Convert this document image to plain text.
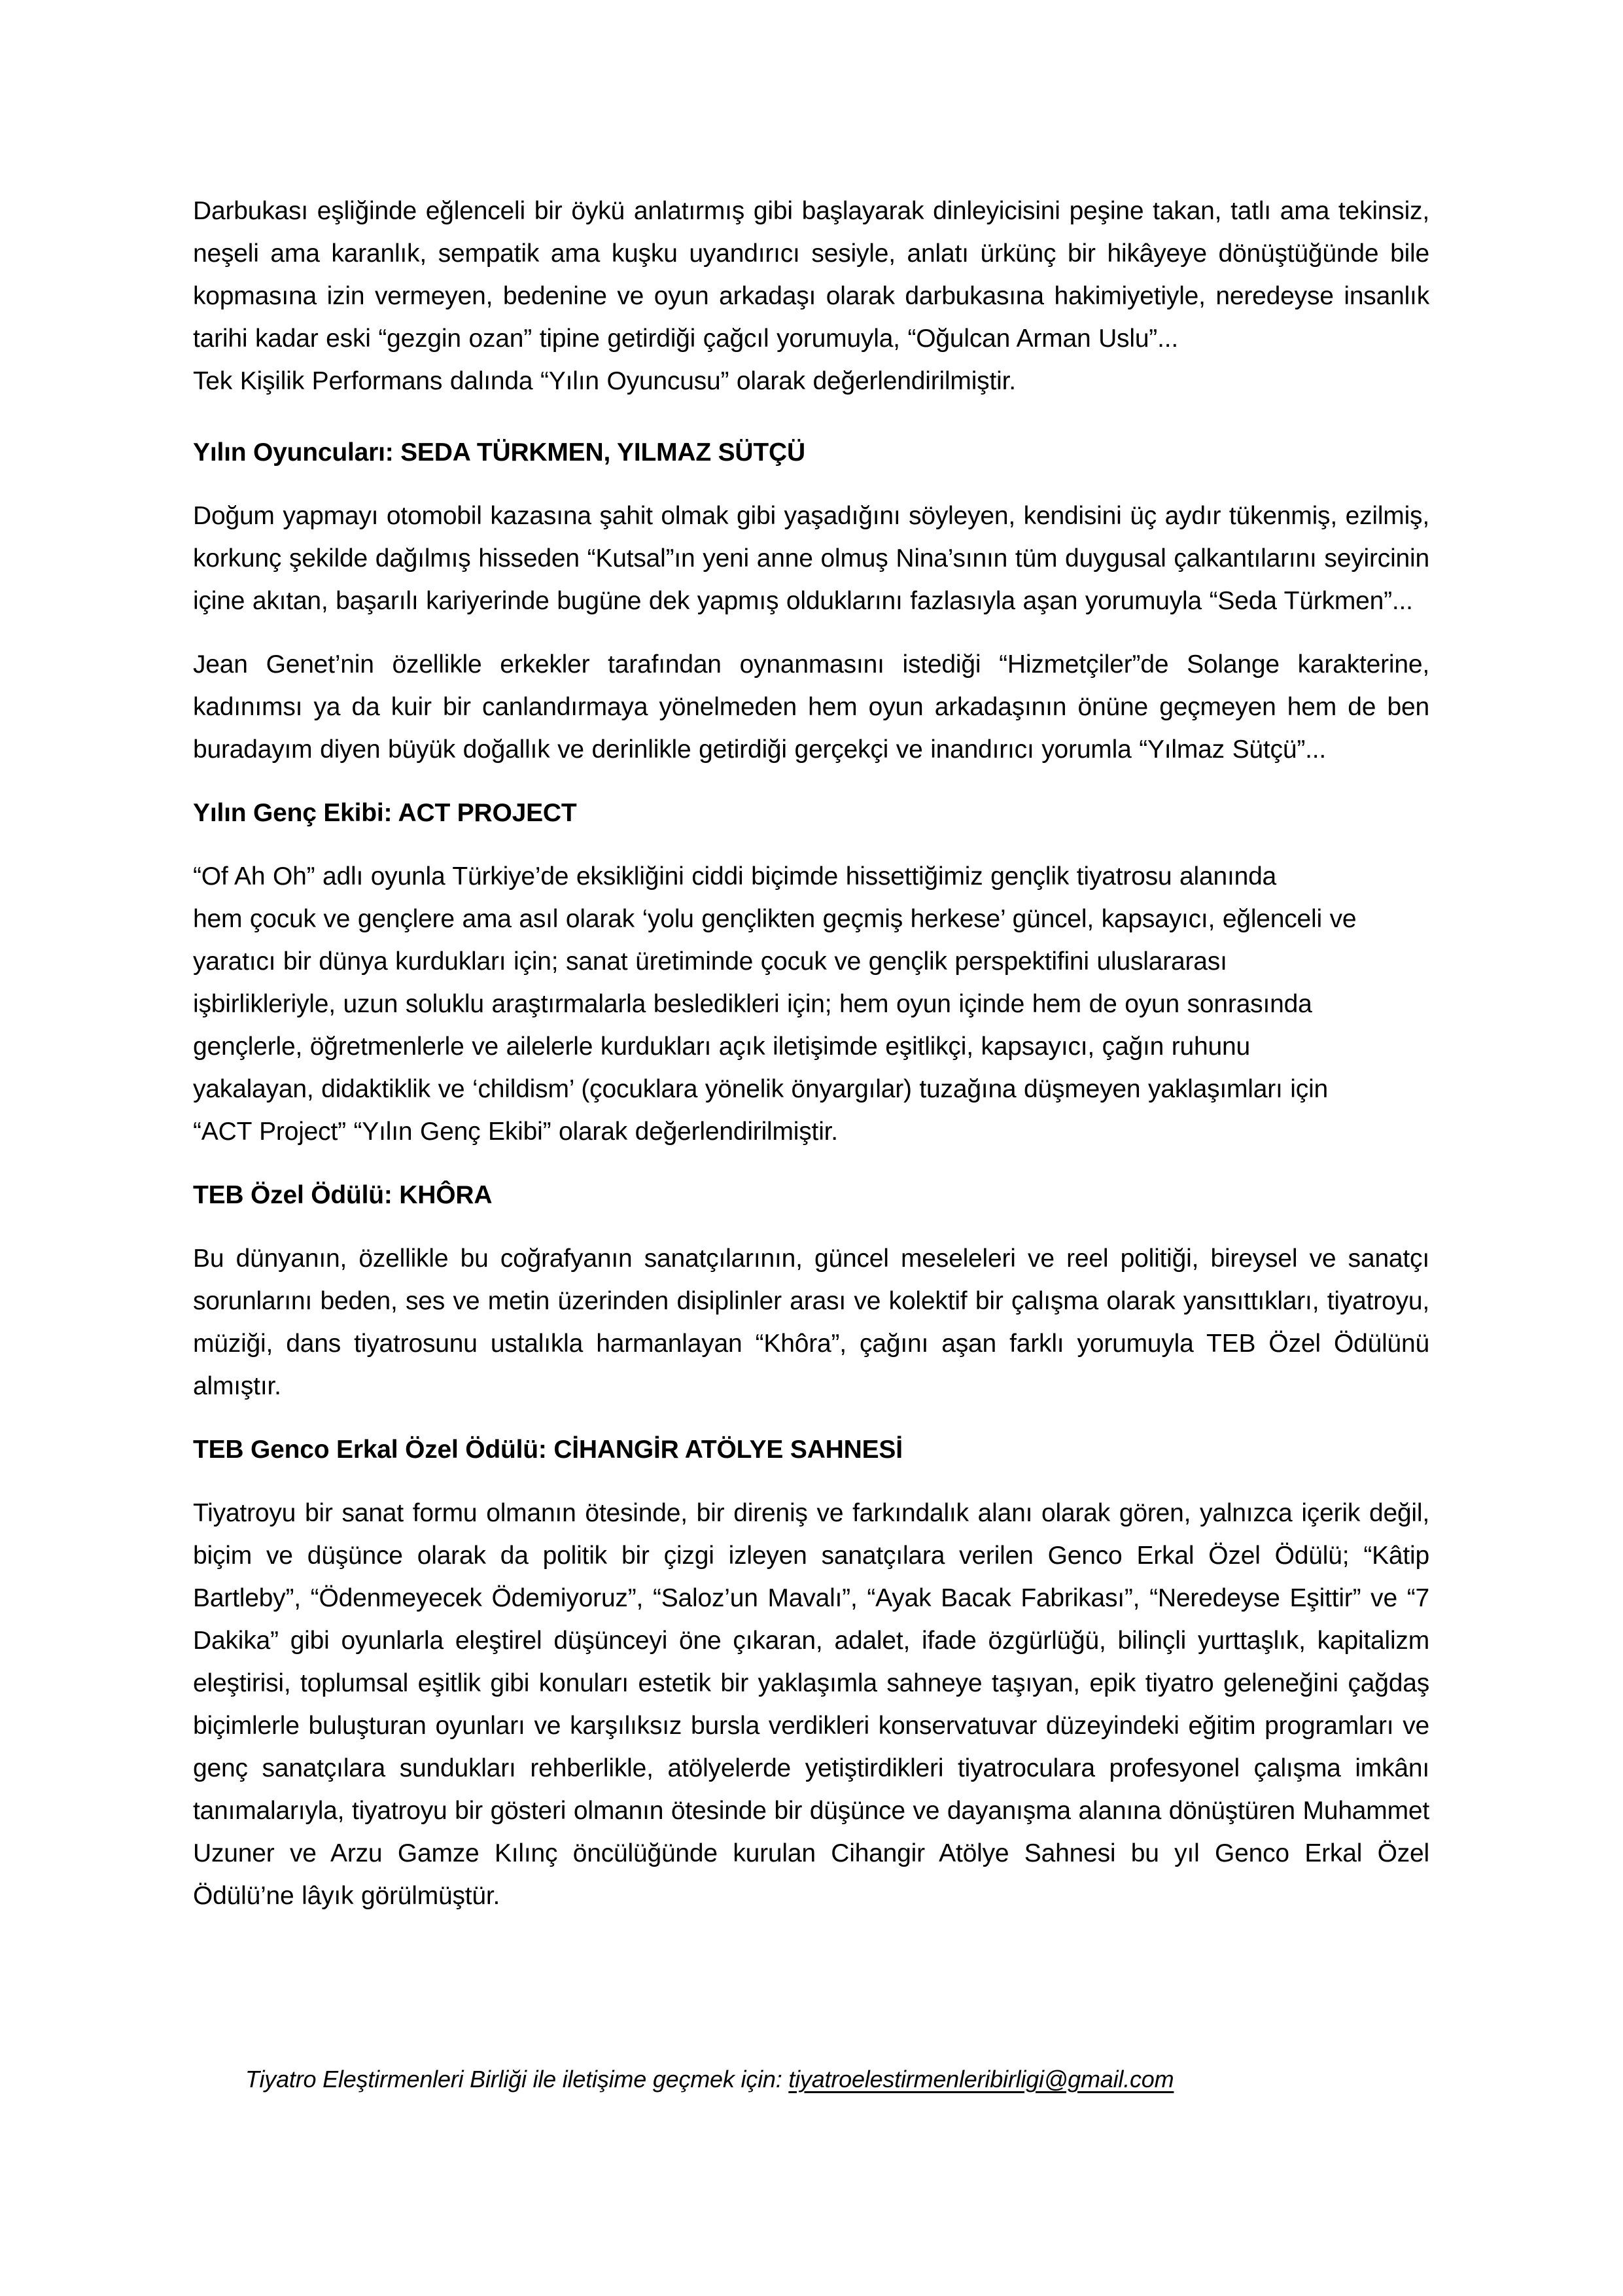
Darbukası eşliğinde eğlenceli bir öykü anlatırmış gibi başlayarak dinleyicisini peşine takan, tatlı ama tekinsiz, neşeli ama karanlık, sempatik ama kuşku uyandırıcı sesiyle, anlatı ürkünç bir hikâyeye dönüştüğünde bile kopmasına izin vermeyen, bedenine ve oyun arkadaşı olarak darbukasına hakimiyetiyle, neredeyse insanlık tarihi kadar eski “gezgin ozan” tipine getirdiği çağcıl yorumuyla, “Oğulcan Arman Uslu”...

Tek Kişilik Performans dalında “Yılın Oyuncusu” olarak değerlendirilmiştir.

Yılın Oyuncuları: SEDA TÜRKMEN, YILMAZ SÜTÇÜ

Doğum yapmayı otomobil kazasına şahit olmak gibi yaşadığını söyleyen, kendisini üç aydır tükenmiş, ezilmiş, korkunç şekilde dağılmış hisseden “Kutsal”ın yeni anne olmuş Nina’sının tüm duygusal çalkantılarını seyircinin içine akıtan, başarılı kariyerinde bugüne dek yapmış olduklarını fazlasıyla aşan yorumuyla “Seda Türkmen”...

Jean Genet’nin özellikle erkekler tarafından oynanmasını istediği “Hizmetçiler”de Solange karakterine, kadınımsı ya da kuir bir canlandırmaya yönelmeden hem oyun arkadaşının önüne geçmeyen hem de ben buradayım diyen büyük doğallık ve derinlikle getirdiği gerçekçi ve inandırıcı yorumla “Yılmaz Sütçü”...

Yılın Genç Ekibi: ACT PROJECT
“Of Ah Oh” adlı oyunla Türkiye’de eksikliğini ciddi biçimde hissettiğimiz gençlik tiyatrosu alanında
hem çocuk ve gençlere ama asıl olarak ‘yolu gençlikten geçmiş herkese’ güncel, kapsayıcı, eğlenceli ve
yaratıcı bir dünya kurdukları için; sanat üretiminde çocuk ve gençlik perspektifini uluslararası
işbirlikleriyle, uzun soluklu araştırmalarla besledikleri için; hem oyun içinde hem de oyun sonrasında
gençlerle, öğretmenlerle ve ailelerle kurdukları açık iletişimde eşitlikçi, kapsayıcı, çağın ruhunu
yakalayan, didaktiklik ve ‘childism’ (çocuklara yönelik önyargılar) tuzağına düşmeyen yaklaşımları için
“ACT Project” “Yılın Genç Ekibi” olarak değerlendirilmiştir.
TEB Özel Ödülü: KHÔRA

Bu dünyanın, özellikle bu coğrafyanın sanatçılarının, güncel meseleleri ve reel politiği, bireysel ve sanatçı sorunlarını beden, ses ve metin üzerinden disiplinler arası ve kolektif bir çalışma olarak yansıttıkları, tiyatroyu, müziği, dans tiyatrosunu ustalıkla harmanlayan “Khôra”, çağını aşan farklı yorumuyla TEB Özel Ödülünü almıştır.

TEB Genco Erkal Özel Ödülü: CİHANGİR ATÖLYE SAHNESİ

Tiyatroyu bir sanat formu olmanın ötesinde, bir direniş ve farkındalık alanı olarak gören, yalnızca içerik değil, biçim ve düşünce olarak da politik bir çizgi izleyen sanatçılara verilen Genco Erkal Özel Ödülü; “Kâtip Bartleby”, “Ödenmeyecek Ödemiyoruz”, “Saloz’un Mavalı”, “Ayak Bacak Fabrikası”, “Neredeyse Eşittir” ve “7 Dakika” gibi oyunlarla eleştirel düşünceyi öne çıkaran, adalet, ifade özgürlüğü, bilinçli yurttaşlık, kapitalizm eleştirisi, toplumsal eşitlik gibi konuları estetik bir yaklaşımla sahneye taşıyan, epik tiyatro geleneğini çağdaş biçimlerle buluşturan oyunları ve karşılıksız bursla verdikleri konservatuvar düzeyindeki eğitim programları ve genç sanatçılara sundukları rehberlikle, atölyelerde yetiştirdikleri tiyatroculara profesyonel çalışma imkânı tanımalarıyla, tiyatroyu bir gösteri olmanın ötesinde bir düşünce ve dayanışma alanına dönüştüren Muhammet Uzuner ve Arzu Gamze Kılınç öncülüğünde kurulan Cihangir Atölye Sahnesi bu yıl Genco Erkal Özel Ödülü’ne lâyık görülmüştür.

Tiyatro Eleştirmenleri Birliği ile iletişime geçmek için: tiyatroelestirmenleribirligi@gmail.com
